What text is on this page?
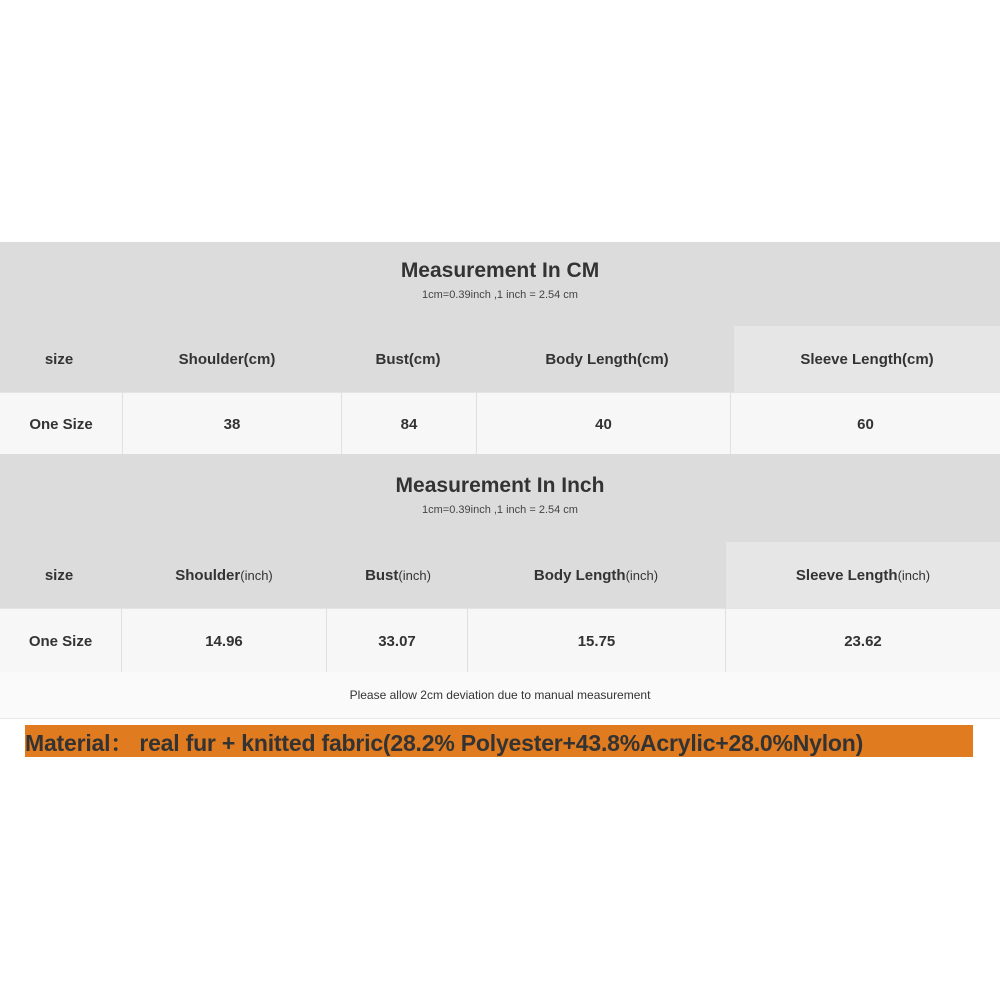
Measurement In CM
1cm=0.39inch ,1 inch = 2.54 cm
size	Shoulder(cm)	Bust(cm)	Body Length(cm)	Sleeve Length(cm)
One Size	38	84	40	60
Measurement In Inch
1cm=0.39inch ,1 inch = 2.54 cm
size	Shoulder (inch)	Bust (inch)	Body Length (inch)	Sleeve Length (inch)
One Size	14.96	33.07	15.75	23.62
Please allow 2cm deviation due to manual measurement
Material： real fur + knitted fabric(28.2% Polyester+43.8%Acrylic+28.0%Nylon)
